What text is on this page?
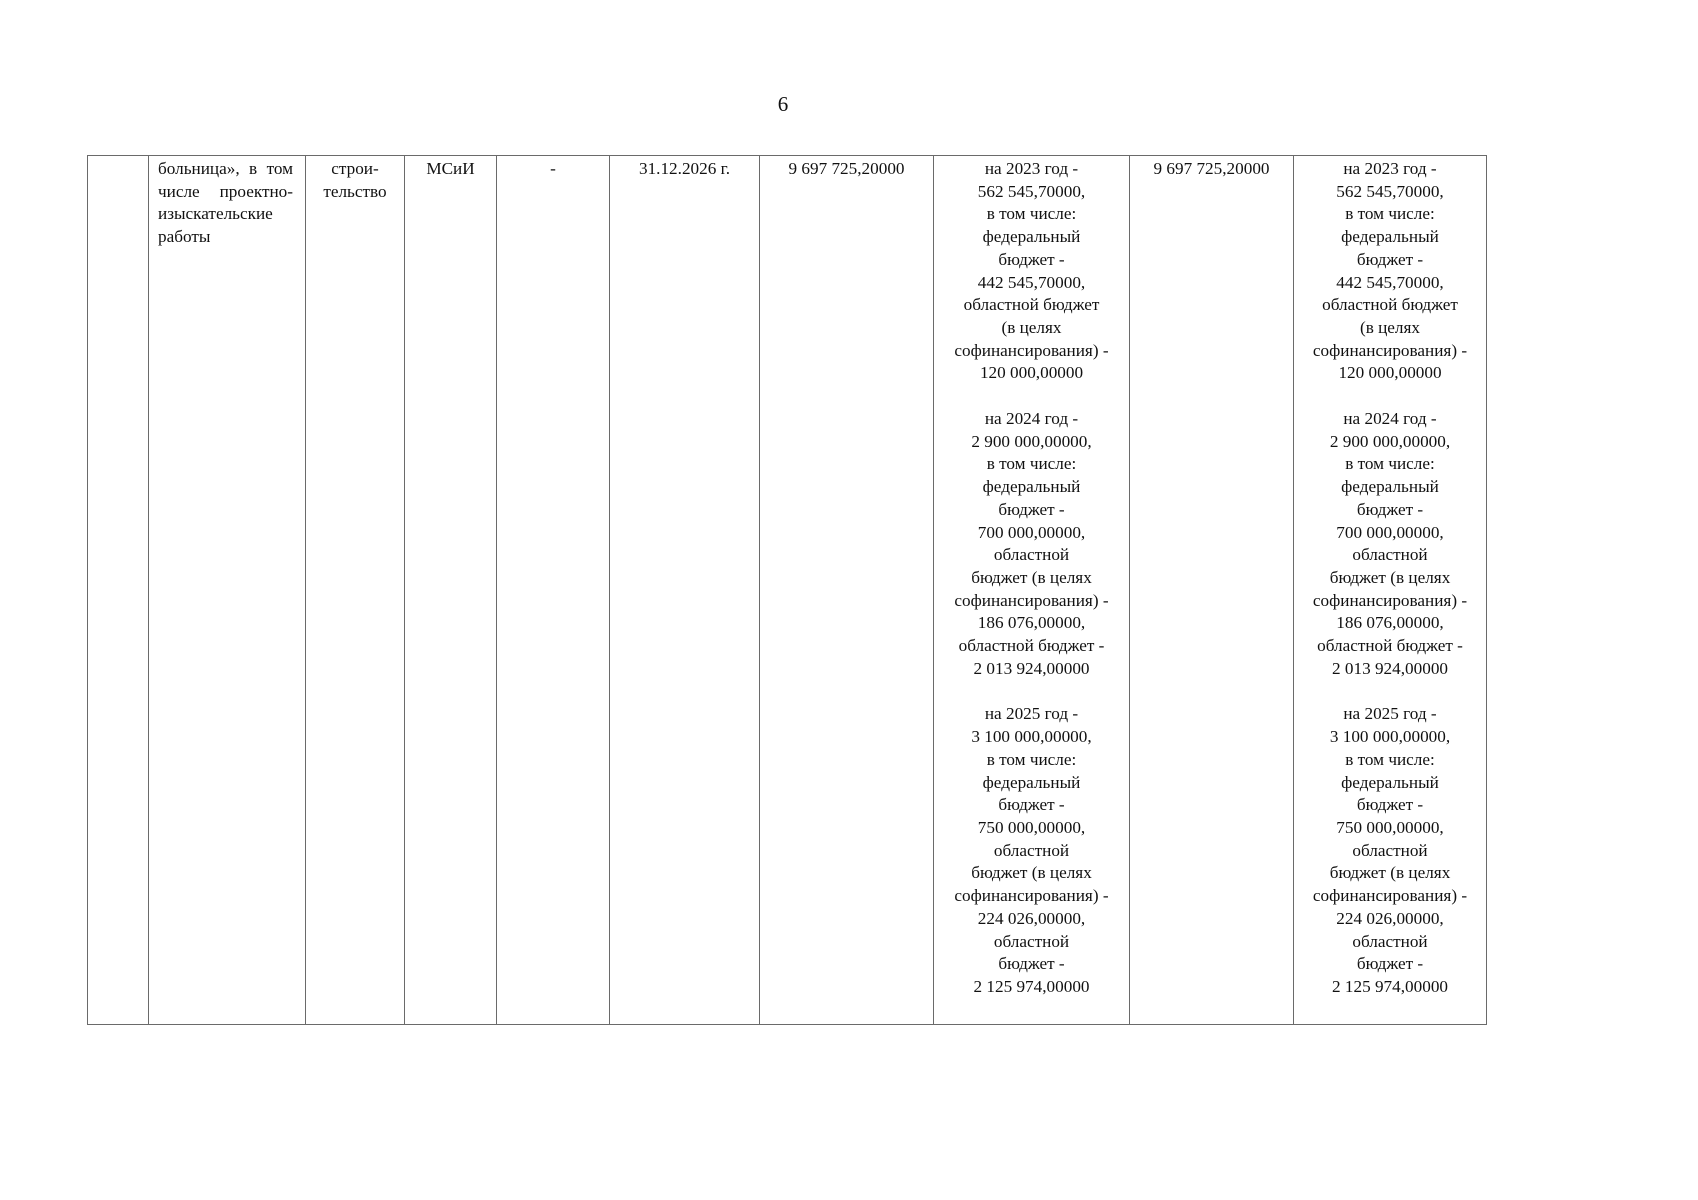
6
	больница», в том числе проектно-изыскательские работы	строи-
тельство	МСиИ	-	31.12.2026 г.	9 697 725,20000	на 2023 год -
562 545,70000,
в том числе:
федеральный
бюджет -
442 545,70000,
областной бюджет
(в целях
софинансирования) -
120 000,00000
на 2024 год -
2 900 000,00000,
в том числе:
федеральный
бюджет -
700 000,00000,
областной
бюджет (в целях
софинансирования) -
186 076,00000,
областной бюджет -
2 013 924,00000
на 2025 год -
3 100 000,00000,
в том числе:
федеральный
бюджет -
750 000,00000,
областной
бюджет (в целях
софинансирования) -
224 026,00000,
областной
бюджет -
2 125 974,00000
	9 697 725,20000	на 2023 год -
562 545,70000,
в том числе:
федеральный
бюджет -
442 545,70000,
областной бюджет
(в целях
софинансирования) -
120 000,00000
на 2024 год -
2 900 000,00000,
в том числе:
федеральный
бюджет -
700 000,00000,
областной
бюджет (в целях
софинансирования) -
186 076,00000,
областной бюджет -
2 013 924,00000
на 2025 год -
3 100 000,00000,
в том числе:
федеральный
бюджет -
750 000,00000,
областной
бюджет (в целях
софинансирования) -
224 026,00000,
областной
бюджет -
2 125 974,00000
